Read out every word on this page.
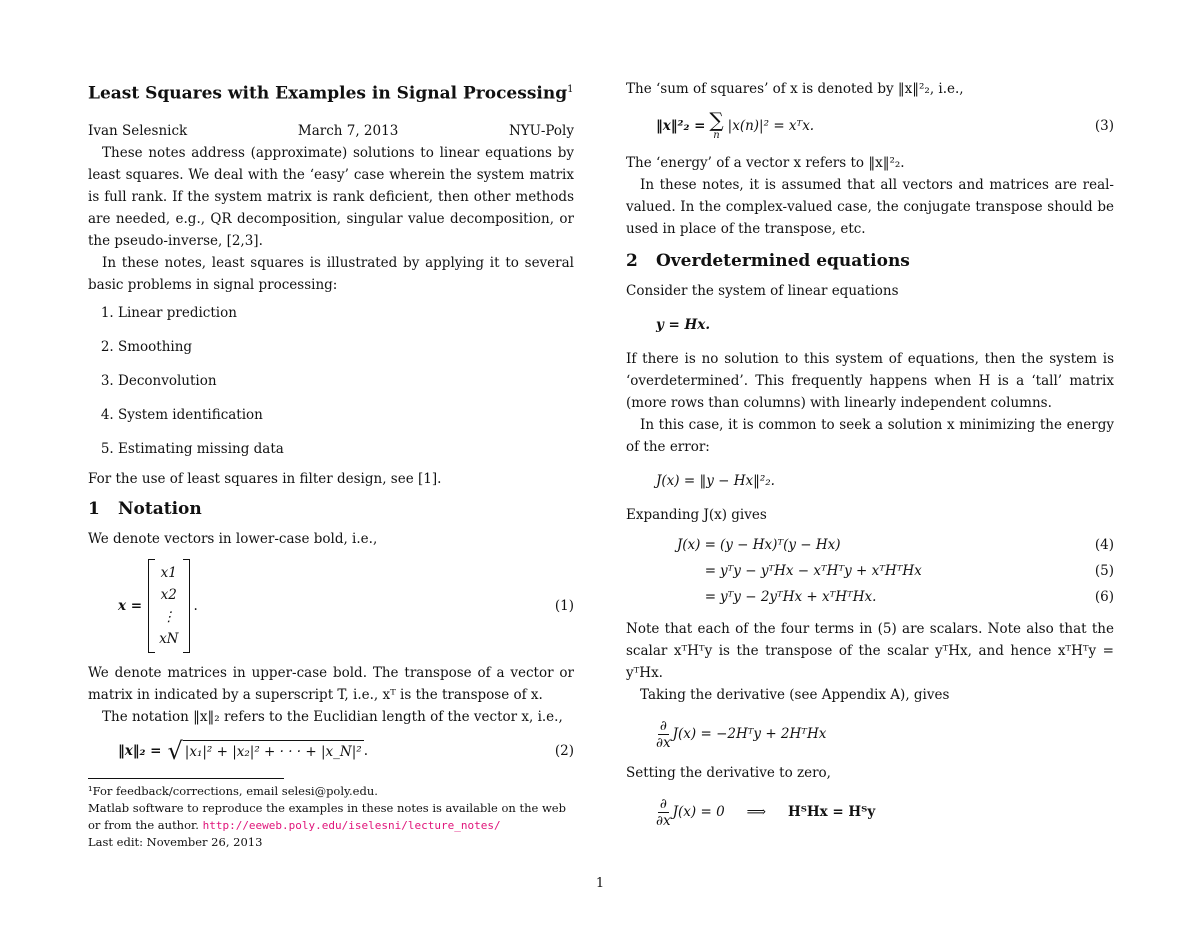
Least Squares with Examples in Signal Processing$^1$
Ivan Selesnick	March 7, 2013	NYU-Poly

These notes address (approximate) solutions to linear equations by least squares. We deal with the ‘easy’ case wherein the system matrix is full rank. If the system matrix is rank deficient, then other methods are needed, e.g., QR decomposition, singular value decomposition, or the pseudo-inverse, [2,3].

In these notes, least squares is illustrated by applying it to several basic problems in signal processing:

1. Linear prediction
2. Smoothing
3. Deconvolution
4. System identification
5. Estimating missing data

For the use of least squares in filter design, see [1].

1 Notation

We denote vectors in lower-case bold, i.e.,

x =
x1
x2
⋮
xN
.	(1)

We denote matrices in upper-case bold. The transpose of a vector or matrix in indicated by a superscript T, i.e., xᵀ is the transpose of x.

The notation ‖x‖₂ refers to the Euclidian length of the vector x, i.e.,

‖x‖₂ = √ |x₁|² + |x₂|² + · · · + |x_N|² .	(2)
¹For feedback/corrections, email selesi@poly.edu.
Matlab software to reproduce the examples in these notes is available on the web or from the author. http://eeweb.poly.edu/iselesni/lecture_notes/
Last edit: November 26, 2013

The ‘sum of squares’ of x is denoted by ‖x‖²₂, i.e.,

‖x‖²₂ = ∑
n
|x(n)|² = xᵀx.	(3)

The ‘energy’ of a vector x refers to ‖x‖²₂.

In these notes, it is assumed that all vectors and matrices are real-valued. In the complex-valued case, the conjugate transpose should be used in place of the transpose, etc.

2 Overdetermined equations

Consider the system of linear equations

y = Hx.

If there is no solution to this system of equations, then the system is ‘overdetermined’. This frequently happens when H is a ‘tall’ matrix (more rows than columns) with linearly independent columns.

In this case, it is common to seek a solution x minimizing the energy of the error:

J(x) = ‖y − Hx‖²₂.

Expanding J(x) gives

J(x) = (y − Hx)ᵀ(y − Hx)	(4)
= yᵀy − yᵀHx − xᵀHᵀy + xᵀHᵀHx	(5)
= yᵀy − 2yᵀHx + xᵀHᵀHx.	(6)

Note that each of the four terms in (5) are scalars. Note also that the scalar xᵀHᵀy is the transpose of the scalar yᵀHx, and hence xᵀHᵀy = yᵀHx.

Taking the derivative (see Appendix A), gives

$\frac{\partial}{\partial x} J(x)$ = −2Hᵀy + 2HᵀHx

Setting the derivative to zero,

$\frac{\partial}{\partial x} J(x) = 0$ ⟹ HᵀHx = Hᵀy
1
